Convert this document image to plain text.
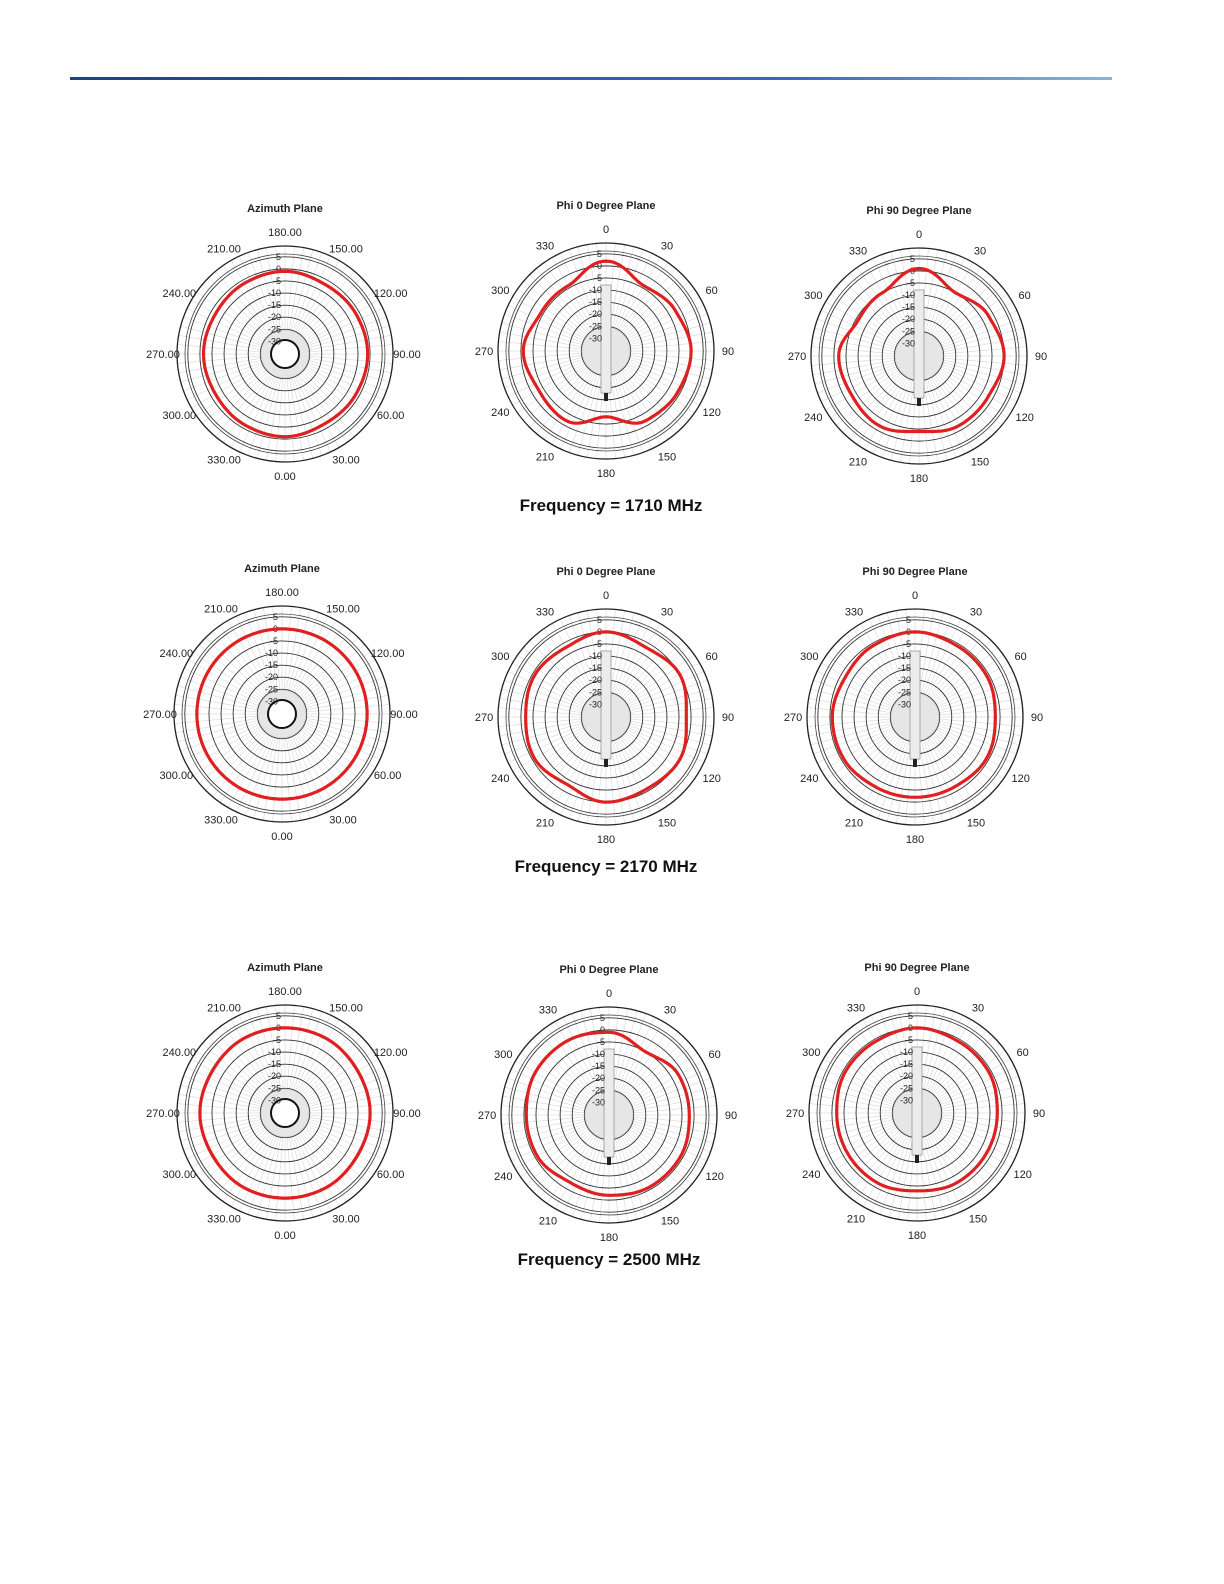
Azimuth Plane
5
0
-5
-10
-15
-20
-25
-30
180.00
150.00
120.00
90.00
60.00
30.00
0.00
330.00
300.00
270.00
240.00
210.00
Phi 0 Degree Plane
5
0
-5
-10
-15
-20
-25
-30
0
30
60
90
120
150
180
210
240
270
300
330
Phi 90 Degree Plane
5
0
-5
-10
-15
-20
-25
-30
0
30
60
90
120
150
180
210
240
270
300
330
Frequency = 1710 MHz
Azimuth Plane
5
0
-5
-10
-15
-20
-25
-30
180.00
150.00
120.00
90.00
60.00
30.00
0.00
330.00
300.00
270.00
240.00
210.00
Phi 0 Degree Plane
5
0
-5
-10
-15
-20
-25
-30
0
30
60
90
120
150
180
210
240
270
300
330
Phi 90 Degree Plane
5
0
-5
-10
-15
-20
-25
-30
0
30
60
90
120
150
180
210
240
270
300
330
Frequency = 2170 MHz
Azimuth Plane
5
0
-5
-10
-15
-20
-25
-30
180.00
150.00
120.00
90.00
60.00
30.00
0.00
330.00
300.00
270.00
240.00
210.00
Phi 0 Degree Plane
5
0
-5
-10
-15
-20
-25
-30
0
30
60
90
120
150
180
210
240
270
300
330
Phi 90 Degree Plane
5
0
-5
-10
-15
-20
-25
-30
0
30
60
90
120
150
180
210
240
270
300
330
Frequency = 2500 MHz
